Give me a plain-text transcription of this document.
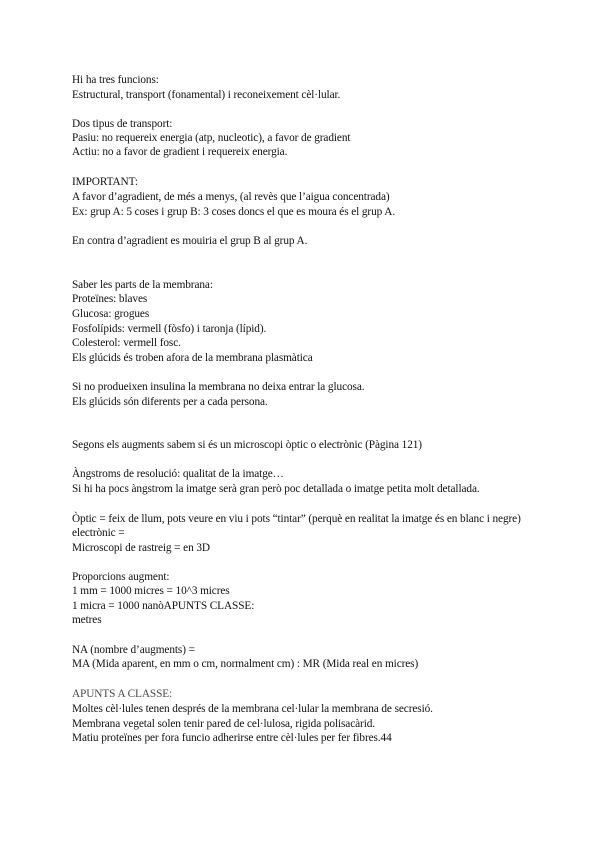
Hi ha tres funcions:
Estructural, transport (fonamental) i reconeixement cèl·lular.
Dos tipus de transport:
Pasiu: no requereix energia (atp, nucleotic), a favor de gradient
Actiu: no a favor de gradient i requereix energia.
IMPORTANT:
A favor d’agradient, de més a menys, (al revès que l’aigua concentrada)
Ex: grup A: 5 coses i grup B: 3 coses doncs el que es moura és el grup A.
En contra d’agradient es mouiria el grup B al grup A.
Saber les parts de la membrana:
Proteïnes: blaves
Glucosa: grogues
Fosfolípids: vermell (fòsfo) i taronja (lípid).
Colesterol: vermell fosc.
Els glúcids és troben afora de la membrana plasmàtica
Si no produeixen insulina la membrana no deixa entrar la glucosa.
Els glúcids són diferents per a cada persona.
Segons els augments sabem si és un microscopi òptic o electrònic (Pàgina 121)
Àngstroms de resolució: qualitat de la imatge…
Si hi ha pocs àngstrom la imatge serà gran però poc detallada o imatge petita molt detallada.
Òptic = feix de llum, pots veure en viu i pots “tintar” (perquè en realitat la imatge és en blanc i negre)
electrònic =
Microscopi de rastreig = en 3D
Proporcions augment:
1 mm = 1000 micres = 10^3 micres
1 micra = 1000 nanòAPUNTS CLASSE:
metres
NA (nombre d’augments) =
MA (Mida aparent, en mm o cm, normalment cm) : MR (Mida real en micres)
APUNTS A CLASSE:
Moltes cèl·lules tenen després de la membrana cel·lular la membrana de secresió.
Membrana vegetal solen tenir pared de cel·lulosa, rigida polisacàrid.
Matiu proteïnes per fora funcio adherirse entre cèl·lules per fer fibres.44
